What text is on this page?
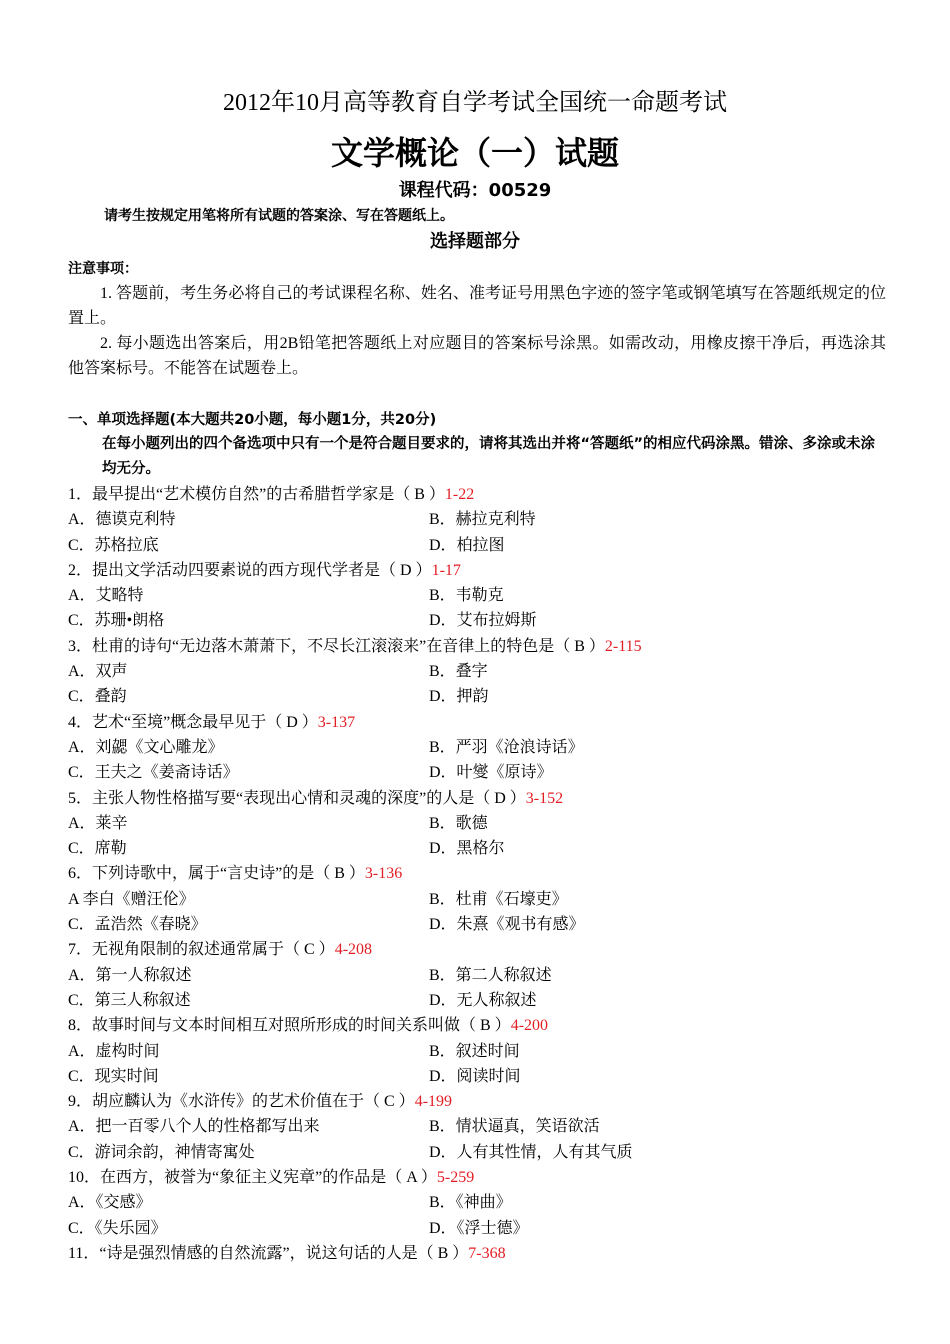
2012年10月高等教育自学考试全国统一命题考试
文学概论（一）试题
课程代码：00529
请考生按规定用笔将所有试题的答案涂、写在答题纸上。
选择题部分
注意事项：

1. 答题前，考生务必将自己的考试课程名称、姓名、准考证号用黑色字迹的签字笔或钢笔填写在答题纸规定的位置上。

2. 每小题选出答案后，用2B铅笔把答题纸上对应题目的答案标号涂黑。如需改动，用橡皮擦干净后，再选涂其他答案标号。不能答在试题卷上。

一、单项选择题(本大题共20小题，每小题1分，共20分)

在每小题列出的四个备选项中只有一个是符合题目要求的，请将其选出并将“答题纸”的相应代码涂黑。错涂、多涂或未涂均无分。

1．最早提出“艺术模仿自然”的古希腊哲学家是（ B ）1-22
A．德谟克利特	B．赫拉克利特
C．苏格拉底	D．柏拉图
2．提出文学活动四要素说的西方现代学者是（ D ）1-17
A．艾略特	B．韦勒克
C．苏珊•朗格	D．艾布拉姆斯
3．杜甫的诗句“无边落木萧萧下，不尽长江滚滚来”在音律上的特色是（ B ）2-115
A．双声	B．叠字
C．叠韵	D．押韵
4．艺术“至境”概念最早见于（ D ）3-137
A．刘勰《文心雕龙》	B．严羽《沧浪诗话》
C．王夫之《姜斋诗话》	D．叶燮《原诗》
5．主张人物性格描写要“表现出心情和灵魂的深度”的人是（ D ）3-152
A．莱辛	B．歌德
C．席勒	D．黑格尔
6．下列诗歌中，属于“言史诗”的是（ B ）3-136
A 李白《赠汪伦》	B．杜甫《石壕吏》
C．孟浩然《春晓》	D．朱熹《观书有感》
7．无视角限制的叙述通常属于（ C ）4-208
A．第一人称叙述	B．第二人称叙述
C．第三人称叙述	D．无人称叙述
8．故事时间与文本时间相互对照所形成的时间关系叫做（ B ）4-200
A．虚构时间	B．叙述时间
C．现实时间	D．阅读时间
9．胡应麟认为《水浒传》的艺术价值在于（ C ）4-199
A．把一百零八个人的性格都写出来	B．情状逼真，笑语欲活
C．游词余韵，神情寄寓处	D．人有其性情，人有其气质
10．在西方，被誉为“象征主义宪章”的作品是（ A ）5-259
A．《交感》	B．《神曲》
C．《失乐园》	D．《浮士德》
11．“诗是强烈情感的自然流露”，说这句话的人是（ B ）7-368
